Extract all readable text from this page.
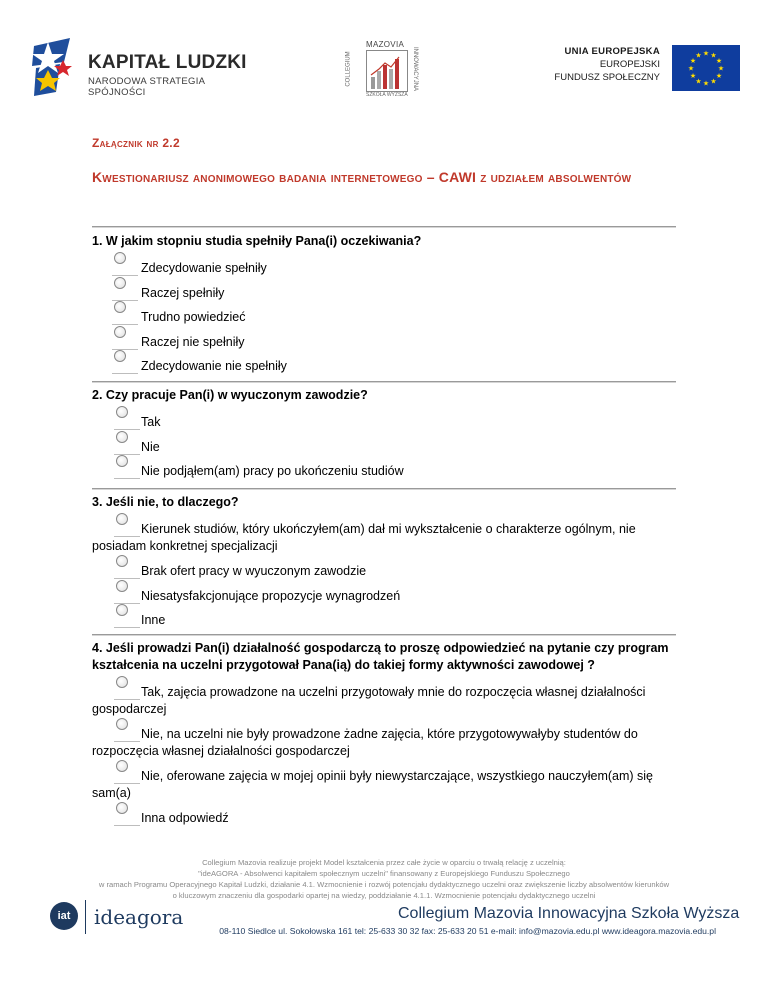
KAPITAŁ LUDZKI
NARODOWA STRATEGIA SPÓJNOŚCI
MAZOVIA
COLLEGIUM	INNOWACYJNA
SZKOŁA WYŻSZA
UNIA EUROPEJSKA
EUROPEJSKI
FUNDUSZ SPOŁECZNY
★
★
★
★
★
★
★
★
★ ★ ★
★
Załącznik nr 2.2
Kwestionariusz anonimowego badania internetowego – CAWI z udziałem absolwentów
1. W jakim stopniu studia spełniły Pana(i) oczekiwania?
Zdecydowanie spełniły
Raczej spełniły
Trudno powiedzieć
Raczej nie spełniły
Zdecydowanie nie spełniły
2. Czy pracuje Pan(i) w wyuczonym zawodzie?
Tak
Nie
Nie podjąłem(am) pracy po ukończeniu studiów
3. Jeśli nie, to dlaczego?
Kierunek studiów, który ukończyłem(am) dał mi wykształcenie o charakterze ogólnym, nie
posiadam konkretnej specjalizacji
Brak ofert pracy w wyuczonym zawodzie
Niesatysfakcjonujące propozycje wynagrodzeń
Inne
4. Jeśli prowadzi Pan(i) działalność gospodarczą to proszę odpowiedzieć na pytanie czy program
kształcenia na uczelni przygotował Pana(ią) do takiej formy aktywności zawodowej ?
Tak, zajęcia prowadzone na uczelni przygotowały mnie do rozpoczęcia własnej działalności
gospodarczej
Nie, na uczelni nie były prowadzone żadne zajęcia, które przygotowywałyby studentów do
rozpoczęcia własnej działalności gospodarczej
Nie, oferowane zajęcia w mojej opinii były niewystarczające, wszystkiego nauczyłem(am) się
sam(a)
Inna odpowiedź
Collegium Mazovia realizuje projekt Model kształcenia przez całe życie w oparciu o trwałą relację z uczelnią:
"ideAGORA - Absolwenci kapitałem społecznym uczelni" finansowany z Europejskiego Funduszu Społecznego
w ramach Programu Operacyjnego Kapitał Ludzki, działanie 4.1. Wzmocnienie i rozwój potencjału dydaktycznego uczelni oraz zwiększenie liczby absolwentów kierunków
o kluczowym znaczeniu dla gospodarki opartej na wiedzy, poddziałanie 4.1.1. Wzmocnienie potencjału dydaktycznego uczelni
iat	ideagora	Collegium Mazovia Innowacyjna Szkoła Wyższa
08-110 Siedlce ul. Sokołowska 161 tel: 25-633 30 32 fax: 25-633 20 51 e-mail: info@mazovia.edu.pl www.ideagora.mazovia.edu.pl
